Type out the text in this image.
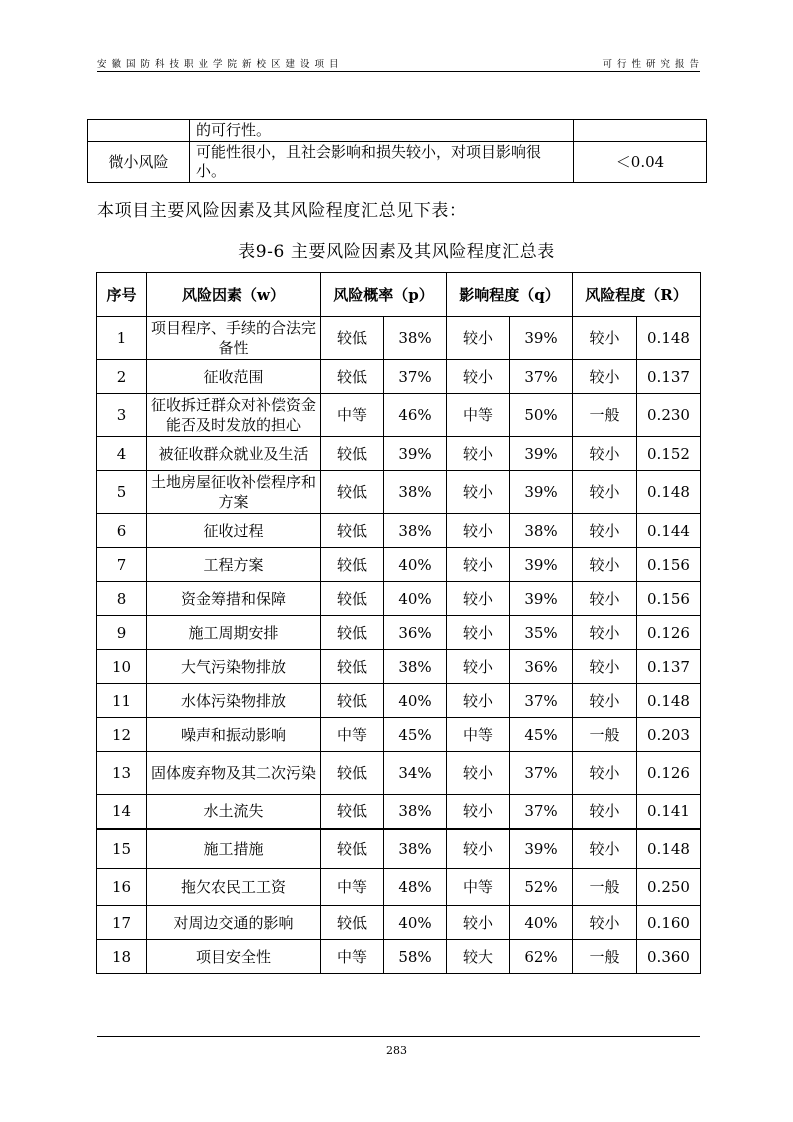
安徽国防科技职业学院新校区建设项目	可行性研究报告
	的可行性。	
微小风险	可能性很小，且社会影响和损失较小，对项目影响很小。	＜0.04
本项目主要风险因素及其风险程度汇总见下表：
表9-6 主要风险因素及其风险程度汇总表
序号	风险因素（w）	风险概率（p）		影响程度（q）		风险程度（R）	
1	项目程序、手续的合法完备性	较低	38%	较小	39%	较小	0.148
2	征收范围	较低	37%	较小	37%	较小	0.137
3	征收拆迁群众对补偿资金能否及时发放的担心	中等	46%	中等	50%	一般	0.230
4	被征收群众就业及生活	较低	39%	较小	39%	较小	0.152
5	土地房屋征收补偿程序和方案	较低	38%	较小	39%	较小	0.148
6	征收过程	较低	38%	较小	38%	较小	0.144
7	工程方案	较低	40%	较小	39%	较小	0.156
8	资金筹措和保障	较低	40%	较小	39%	较小	0.156
9	施工周期安排	较低	36%	较小	35%	较小	0.126
10	大气污染物排放	较低	38%	较小	36%	较小	0.137
11	水体污染物排放	较低	40%	较小	37%	较小	0.148
12	噪声和振动影响	中等	45%	中等	45%	一般	0.203
13	固体废弃物及其二次污染	较低	34%	较小	37%	较小	0.126
14	水土流失	较低	38%	较小	37%	较小	0.141
15	施工措施	较低	38%	较小	39%	较小	0.148
16	拖欠农民工工资	中等	48%	中等	52%	一般	0.250
17	对周边交通的影响	较低	40%	较小	40%	较小	0.160
18	项目安全性	中等	58%	较大	62%	一般	0.360
283
